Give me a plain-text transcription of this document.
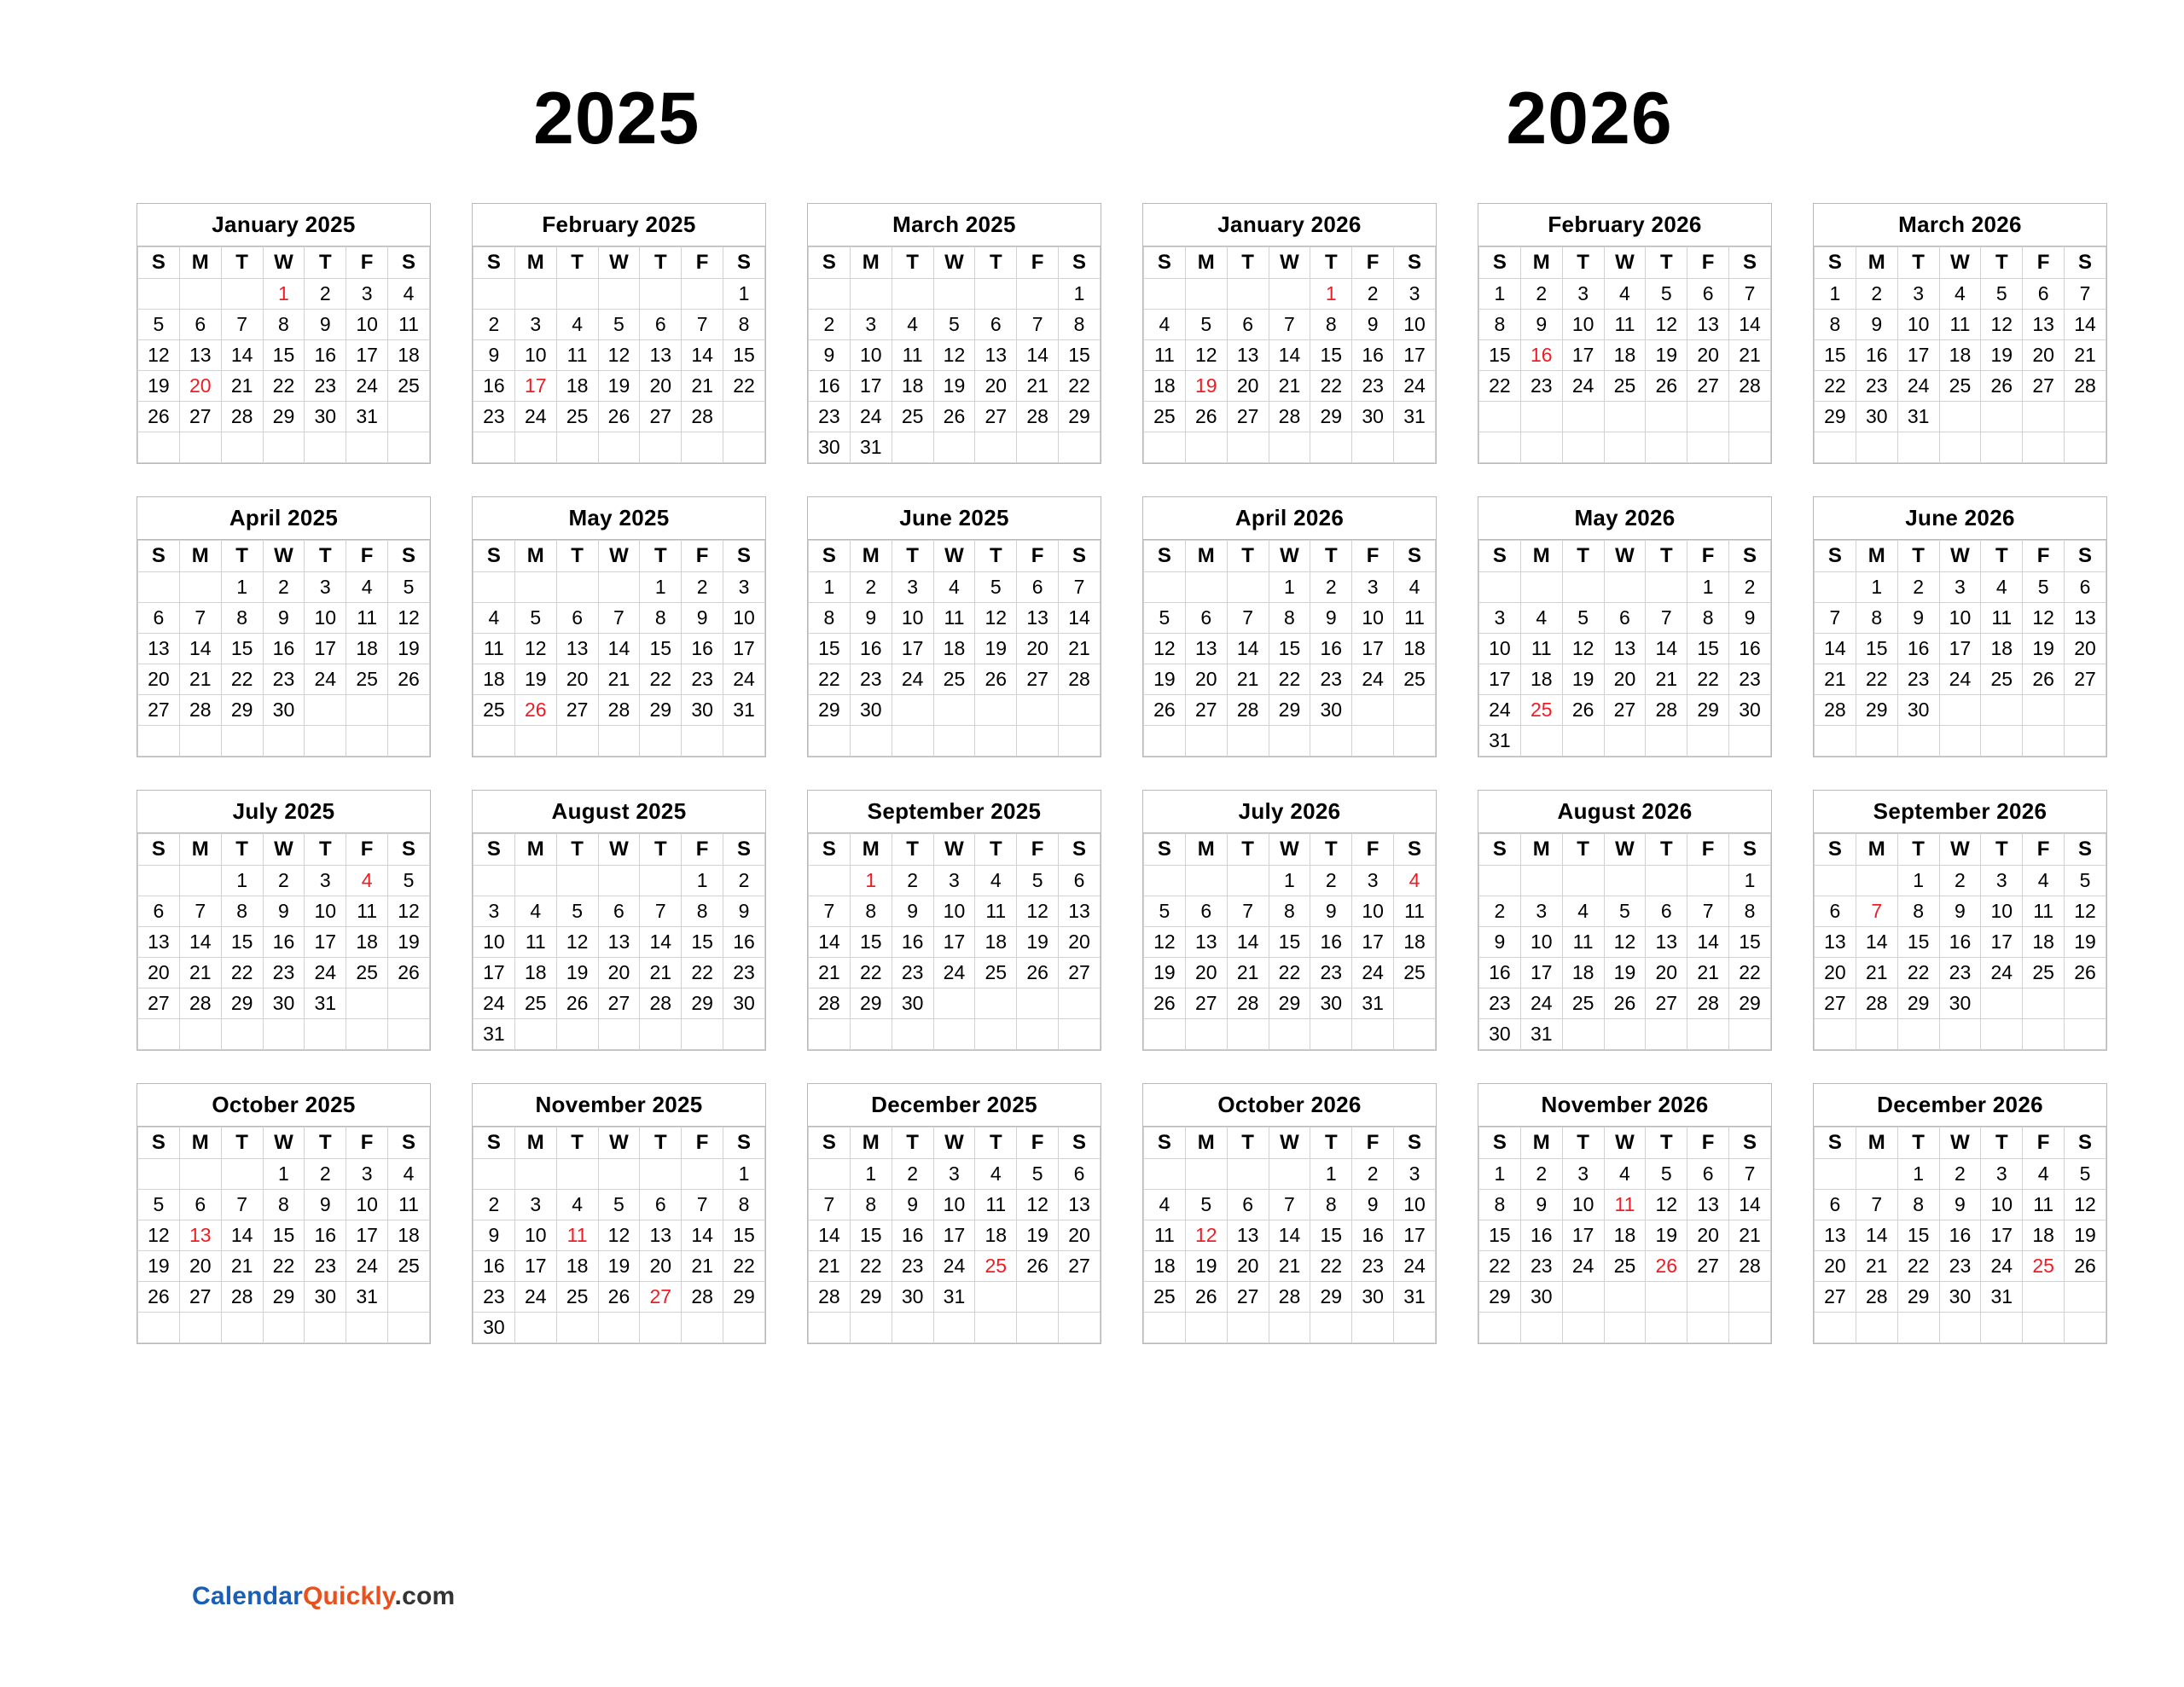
2025	2026
January 2025
S	M	T	W	T	F	S
			1	2	3	4
5	6	7	8	9	10	11
12	13	14	15	16	17	18
19	20	21	22	23	24	25
26	27	28	29	30	31	

February 2025
S	M	T	W	T	F	S
						1
2	3	4	5	6	7	8
9	10	11	12	13	14	15
16	17	18	19	20	21	22
23	24	25	26	27	28	

March 2025
S	M	T	W	T	F	S
						1
2	3	4	5	6	7	8
9	10	11	12	13	14	15
16	17	18	19	20	21	22
23	24	25	26	27	28	29
30	31					
January 2026
S	M	T	W	T	F	S
				1	2	3
4	5	6	7	8	9	10
11	12	13	14	15	16	17
18	19	20	21	22	23	24
25	26	27	28	29	30	31

February 2026
S	M	T	W	T	F	S
1	2	3	4	5	6	7
8	9	10	11	12	13	14
15	16	17	18	19	20	21
22	23	24	25	26	27	28

March 2026
S	M	T	W	T	F	S
1	2	3	4	5	6	7
8	9	10	11	12	13	14
15	16	17	18	19	20	21
22	23	24	25	26	27	28
29	30	31				

April 2025
S	M	T	W	T	F	S
		1	2	3	4	5
6	7	8	9	10	11	12
13	14	15	16	17	18	19
20	21	22	23	24	25	26
27	28	29	30			

May 2025
S	M	T	W	T	F	S
				1	2	3
4	5	6	7	8	9	10
11	12	13	14	15	16	17
18	19	20	21	22	23	24
25	26	27	28	29	30	31

June 2025
S	M	T	W	T	F	S
1	2	3	4	5	6	7
8	9	10	11	12	13	14
15	16	17	18	19	20	21
22	23	24	25	26	27	28
29	30					

April 2026
S	M	T	W	T	F	S
			1	2	3	4
5	6	7	8	9	10	11
12	13	14	15	16	17	18
19	20	21	22	23	24	25
26	27	28	29	30		

May 2026
S	M	T	W	T	F	S
					1	2
3	4	5	6	7	8	9
10	11	12	13	14	15	16
17	18	19	20	21	22	23
24	25	26	27	28	29	30
31						
June 2026
S	M	T	W	T	F	S
	1	2	3	4	5	6
7	8	9	10	11	12	13
14	15	16	17	18	19	20
21	22	23	24	25	26	27
28	29	30				

July 2025
S	M	T	W	T	F	S
		1	2	3	4	5
6	7	8	9	10	11	12
13	14	15	16	17	18	19
20	21	22	23	24	25	26
27	28	29	30	31		

August 2025
S	M	T	W	T	F	S
					1	2
3	4	5	6	7	8	9
10	11	12	13	14	15	16
17	18	19	20	21	22	23
24	25	26	27	28	29	30
31						
September 2025
S	M	T	W	T	F	S
	1	2	3	4	5	6
7	8	9	10	11	12	13
14	15	16	17	18	19	20
21	22	23	24	25	26	27
28	29	30				

July 2026
S	M	T	W	T	F	S
			1	2	3	4
5	6	7	8	9	10	11
12	13	14	15	16	17	18
19	20	21	22	23	24	25
26	27	28	29	30	31	

August 2026
S	M	T	W	T	F	S
						1
2	3	4	5	6	7	8
9	10	11	12	13	14	15
16	17	18	19	20	21	22
23	24	25	26	27	28	29
30	31					
September 2026
S	M	T	W	T	F	S
		1	2	3	4	5
6	7	8	9	10	11	12
13	14	15	16	17	18	19
20	21	22	23	24	25	26
27	28	29	30			

October 2025
S	M	T	W	T	F	S
			1	2	3	4
5	6	7	8	9	10	11
12	13	14	15	16	17	18
19	20	21	22	23	24	25
26	27	28	29	30	31	

November 2025
S	M	T	W	T	F	S
						1
2	3	4	5	6	7	8
9	10	11	12	13	14	15
16	17	18	19	20	21	22
23	24	25	26	27	28	29
30						
December 2025
S	M	T	W	T	F	S
	1	2	3	4	5	6
7	8	9	10	11	12	13
14	15	16	17	18	19	20
21	22	23	24	25	26	27
28	29	30	31			

October 2026
S	M	T	W	T	F	S
				1	2	3
4	5	6	7	8	9	10
11	12	13	14	15	16	17
18	19	20	21	22	23	24
25	26	27	28	29	30	31

November 2026
S	M	T	W	T	F	S
1	2	3	4	5	6	7
8	9	10	11	12	13	14
15	16	17	18	19	20	21
22	23	24	25	26	27	28
29	30					

December 2026
S	M	T	W	T	F	S
		1	2	3	4	5
6	7	8	9	10	11	12
13	14	15	16	17	18	19
20	21	22	23	24	25	26
27	28	29	30	31		

CalendarQuickly.com
